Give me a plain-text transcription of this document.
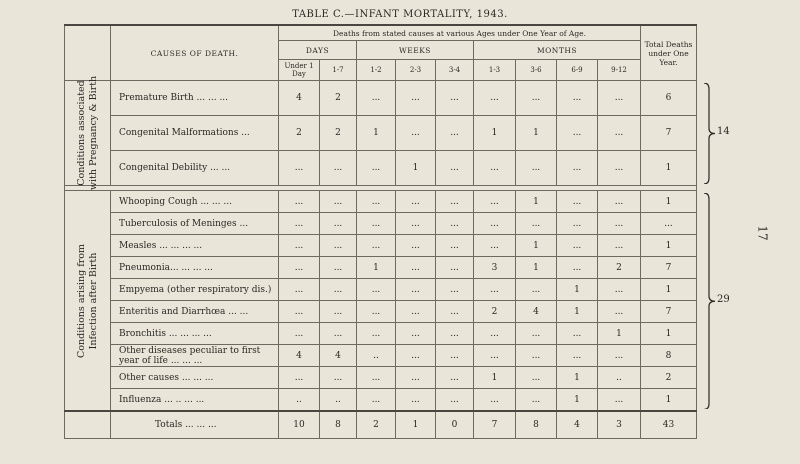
TABLE C.—INFANT MORTALITY, 1943.
17
	CAUSES OF DEATH.	Deaths from stated causes at various Ages under One Year of Age.									Total Deaths under One Year.
		DAYS		WEEKS			MONTHS				
		Under 1 Day	1-7	1-2	2-3	3-4	1-3	3-6	6-9	9-12	

Conditions associated with Pregnancy & Birth	Premature Birth ... ... ...	4	2	...	...	...	...	...	...	...	6
	Congenital Malformations ...	2	2	1	...	...	1	1	...	...	7
	Congenital Debility ... ...	...	...	...	1	...	...	...	...	...	1

Conditions arising from Infection after Birth	Whooping Cough ... ... ...	...	...	...	...	...	...	1	...	...	1
	Tuberculosis of Meninges ...	...	...	...	...	...	...	...	...	...	...
	Measles ... ... ... ...	...	...	...	...	...	...	1	...	...	1
	Pneumonia... ... ... ...	...	...	1	...	...	3	1	...	2	7
	Empyema (other respiratory dis.)	...	...	...	...	...	...	...	1	...	1
	Enteritis and Diarrhœa ... ...	...	...	...	...	...	2	4	1	...	7
	Bronchitis ... ... ... ...	...	...	...	...	...	...	...	...	1	1
	Other diseases peculiar to first year of life ... ... ...	4	4	..	...	...	...	...	...	...	8
	Other causes ... ... ...	...	...	...	...	...	1	...	1	..	2
	Influenza ... .. ... ...	..	..	...	...	...	...	...	1	...	1
	Totals ... ... ...	10	8	2	1	0	7	8	4	3	43
14
29
